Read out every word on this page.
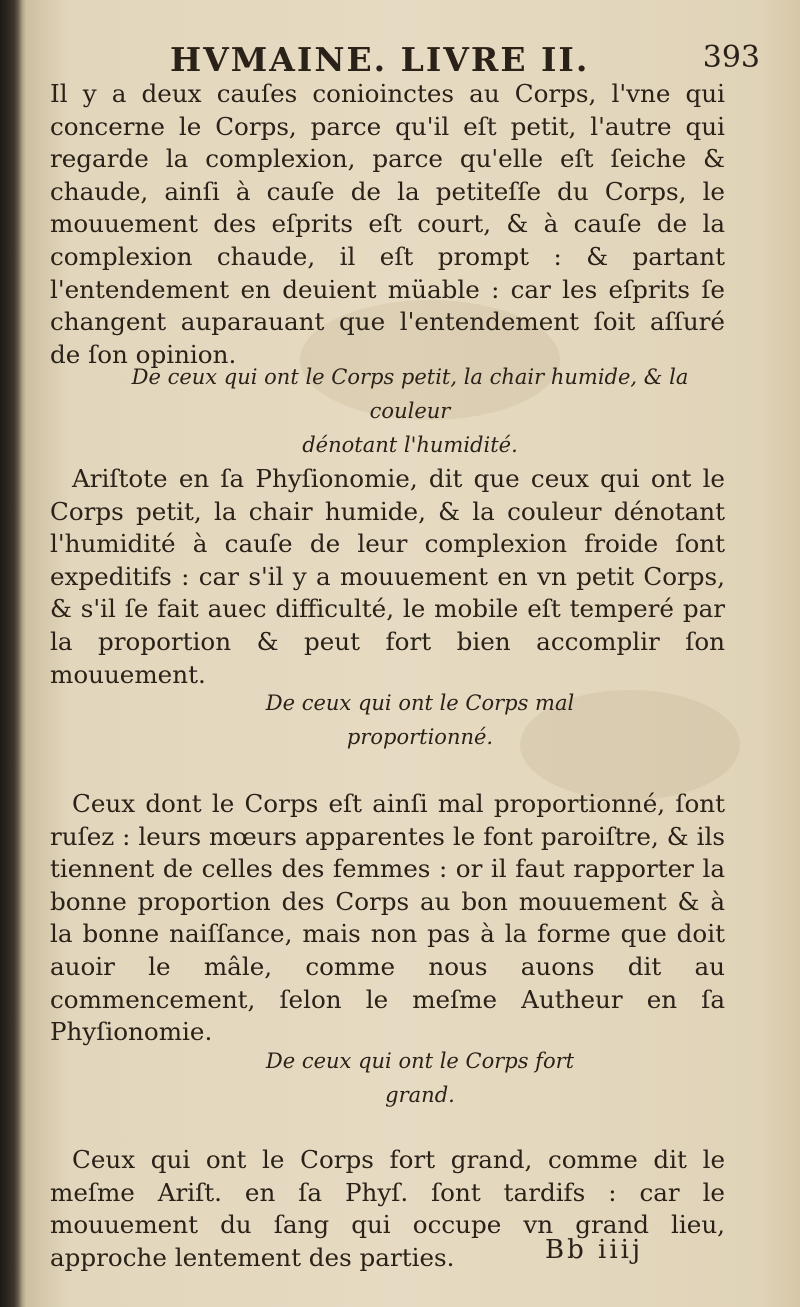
HVMAINE. LIVRE II.	393

Il y a deux cauſes conioinctes au Corps, l'vne qui concerne le Corps, parce qu'il eſt petit, l'autre qui regarde la complexion, parce qu'elle eſt ſeiche & chaude, ainſi à cauſe de la petiteſſe du Corps, le mouuement des eſprits eſt court, & à cauſe de la complexion chaude, il eſt prompt : & partant l'entendement en deuient müable : car les eſprits ſe changent auparauant que l'entendement ſoit aſſuré de ſon opinion.

De ceux qui ont le Corps petit, la chair humide, & la couleur
dénotant l'humidité.

Ariſtote en ſa Phyſionomie, dit que ceux qui ont le Corps petit, la chair humide, & la couleur dénotant l'humidité à cauſe de leur complexion froide ſont expeditifs : car s'il y a mouuement en vn petit Corps, & s'il ſe fait auec difficulté, le mobile eſt temperé par la proportion & peut fort bien accomplir ſon mouuement.

De ceux qui ont le Corps mal
proportionné.

Ceux dont le Corps eſt ainſi mal proportionné, ſont ruſez : leurs mœurs apparentes le font paroiſtre, & ils tiennent de celles des femmes : or il faut rapporter la bonne proportion des Corps au bon mouuement & à la bonne naiſſance, mais non pas à la forme que doit auoir le mâle, comme nous auons dit au commencement, ſelon le meſme Autheur en ſa Phyſionomie.

De ceux qui ont le Corps fort
grand.

Ceux qui ont le Corps fort grand, comme dit le meſme Ariſt. en ſa Phyſ. ſont tardifs : car le mouuement du ſang qui occupe vn grand lieu, approche lentement des parties.	Bb iiij
